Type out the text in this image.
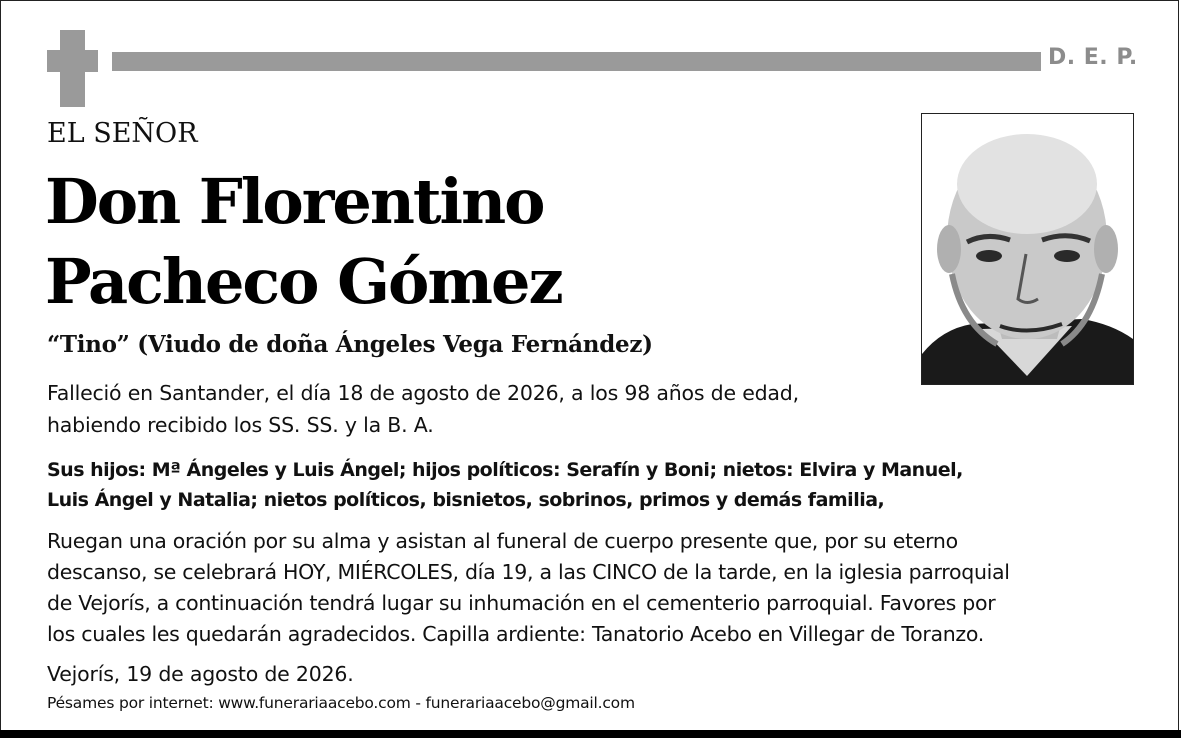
D. E. P.
EL SEÑOR
Don Florentino
Pacheco Gómez
“Tino” (Viudo de doña Ángeles Vega Fernández)
Falleció en Santander, el día 18 de agosto de 2026, a los 98 años de edad,
habiendo recibido los SS. SS. y la B. A.
Sus hijos: Mª Ángeles y Luis Ángel; hijos políticos: Serafín y Boni; nietos: Elvira y Manuel,
Luis Ángel y Natalia; nietos políticos, bisnietos, sobrinos, primos y demás familia,
Ruegan una oración por su alma y asistan al funeral de cuerpo presente que, por su eterno
descanso, se celebrará HOY, MIÉRCOLES, día 19, a las CINCO de la tarde, en la iglesia parroquial
de Vejorís, a continuación tendrá lugar su inhumación en el cementerio parroquial. Favores por
los cuales les quedarán agradecidos. Capilla ardiente: Tanatorio Acebo en Villegar de Toranzo.
Vejorís, 19 de agosto de 2026.
Pésames por internet: www.funerariaacebo.com - funerariaacebo@gmail.com
